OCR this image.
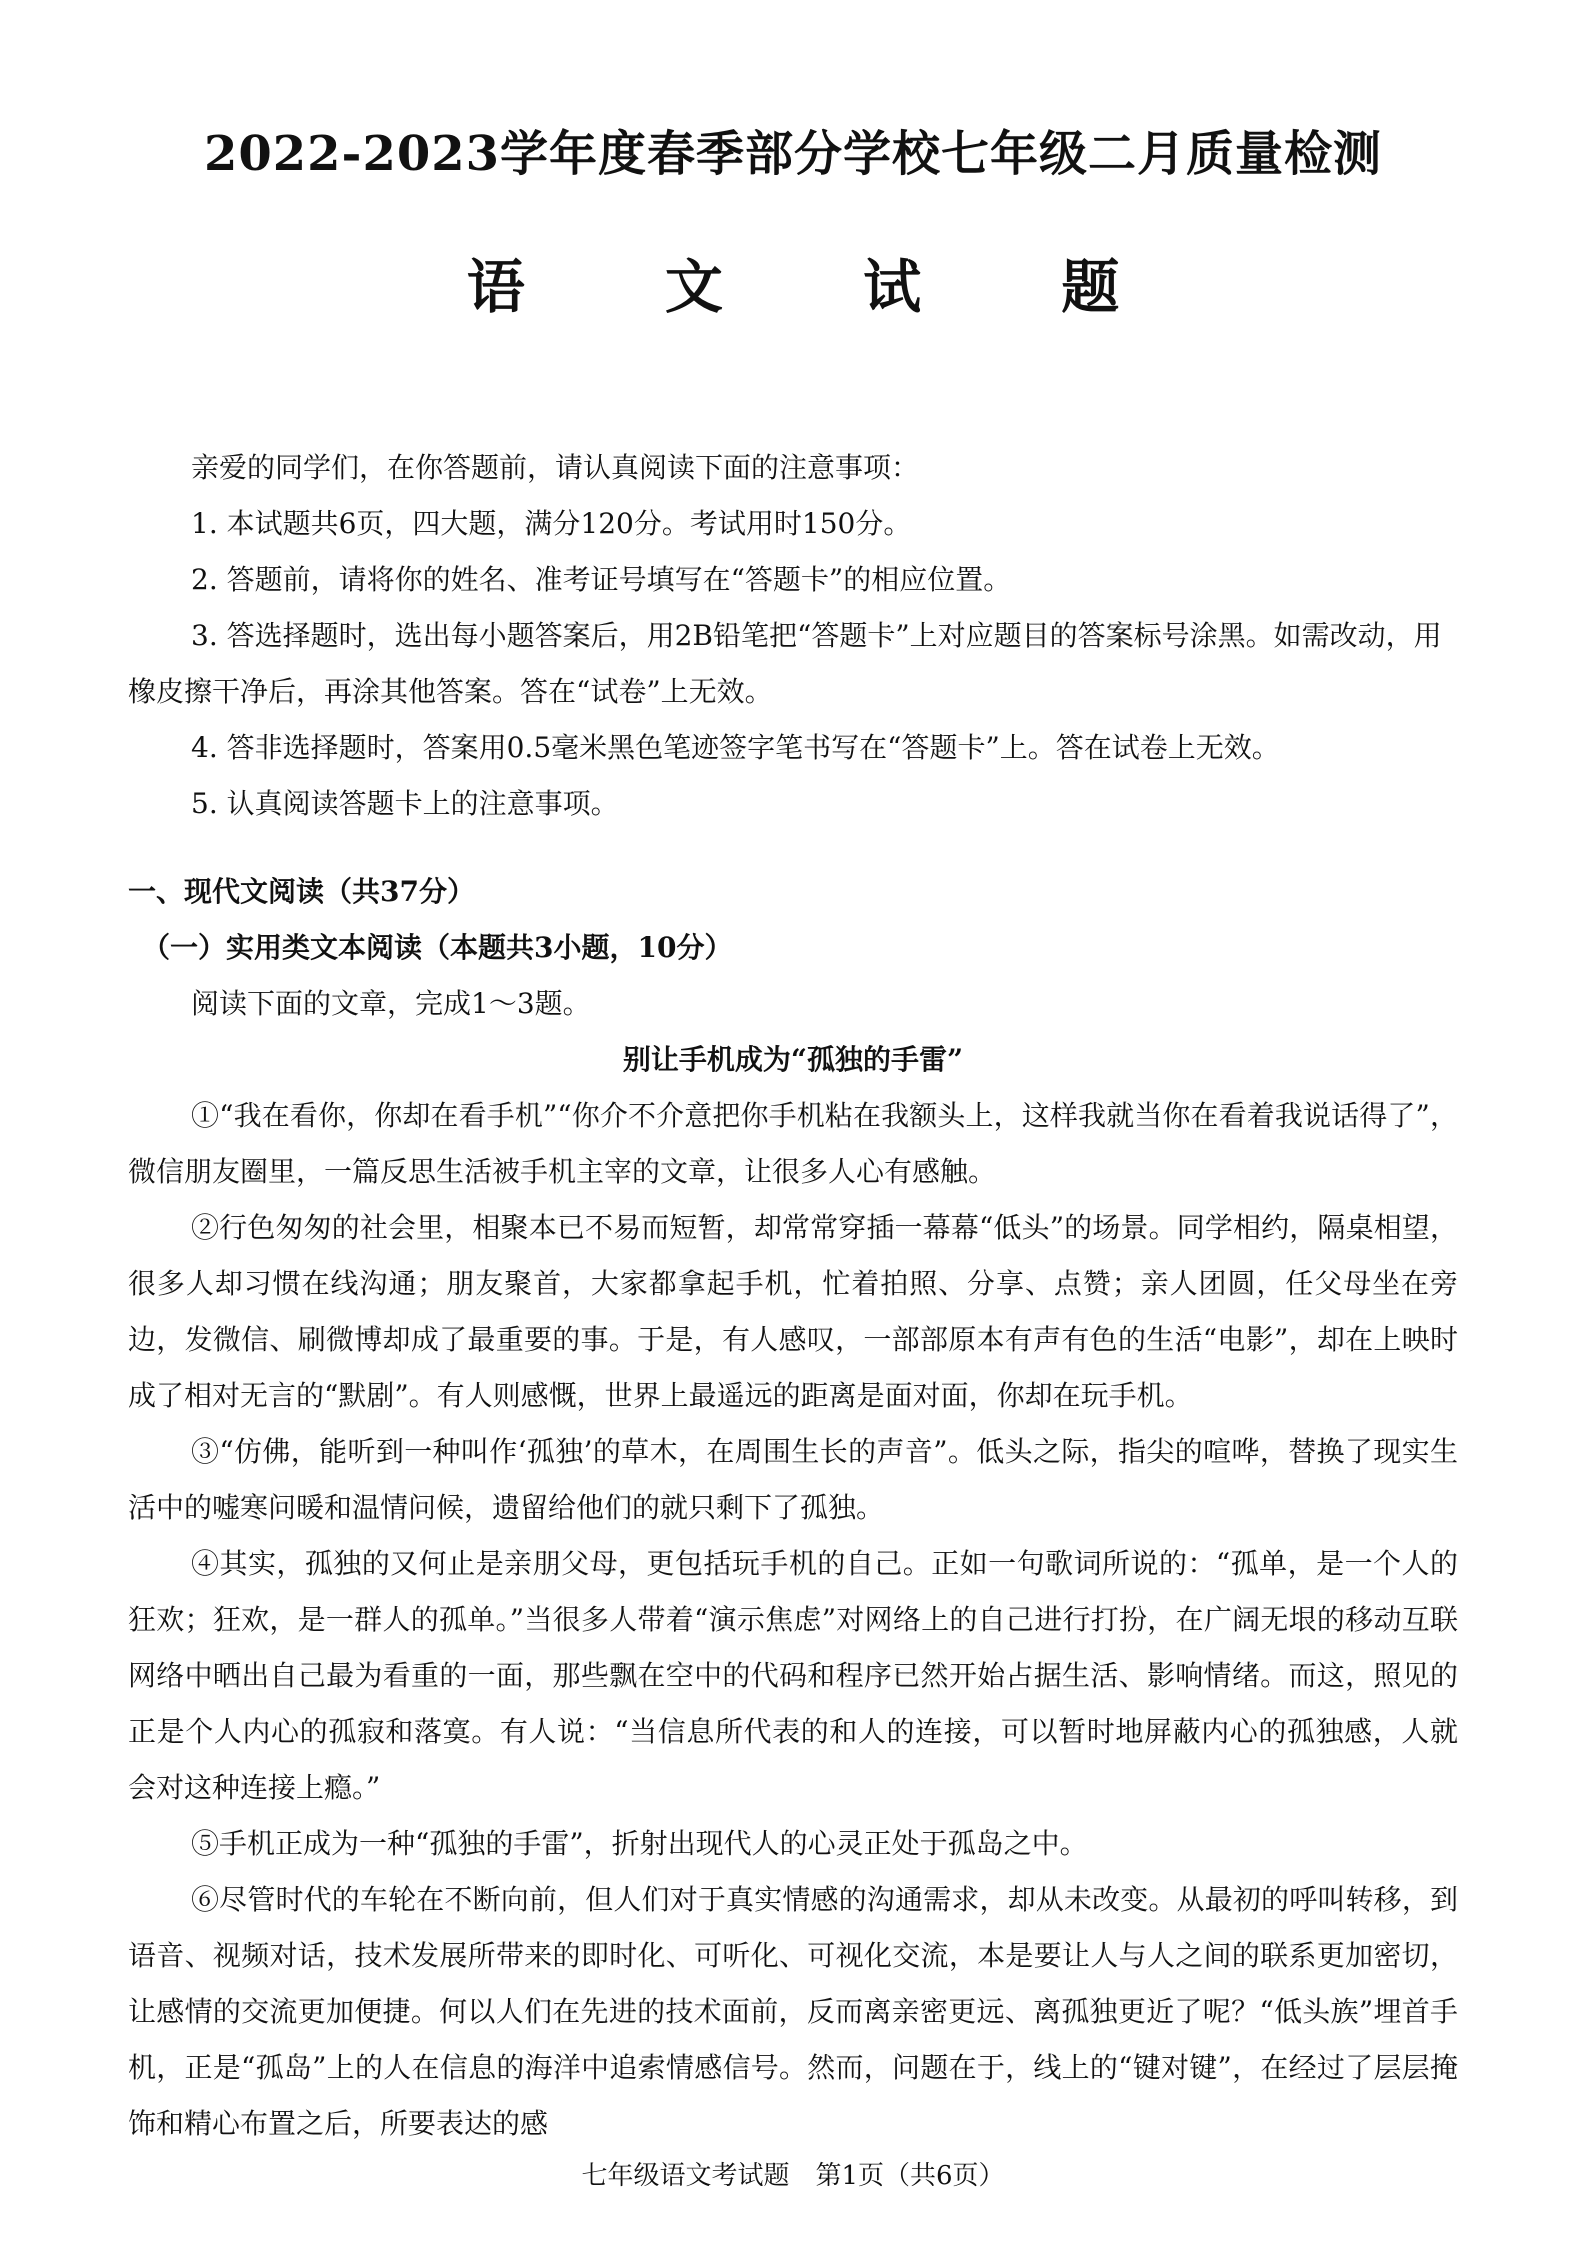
2022-2023学年度春季部分学校七年级二月质量检测
语 文 试 题

亲爱的同学们，在你答题前，请认真阅读下面的注意事项：

1. 本试题共6页，四大题，满分120分。考试用时150分。

2. 答题前，请将你的姓名、准考证号填写在“答题卡”的相应位置。

3. 答选择题时，选出每小题答案后，用2B铅笔把“答题卡”上对应题目的答案标号涂黑。如需改动，用橡皮擦干净后，再涂其他答案。答在“试卷”上无效。

4. 答非选择题时，答案用0.5毫米黑色笔迹签字笔书写在“答题卡”上。答在试卷上无效。

5. 认真阅读答题卡上的注意事项。

一、现代文阅读（共37分）

（一）实用类文本阅读（本题共3小题，10分）

阅读下面的文章，完成1～3题。

别让手机成为“孤独的手雷”

①“我在看你，你却在看手机”“你介不介意把你手机粘在我额头上，这样我就当你在看着我说话得了”，微信朋友圈里，一篇反思生活被手机主宰的文章，让很多人心有感触。

②行色匆匆的社会里，相聚本已不易而短暂，却常常穿插一幕幕“低头”的场景。同学相约，隔桌相望，很多人却习惯在线沟通；朋友聚首，大家都拿起手机，忙着拍照、分享、点赞；亲人团圆，任父母坐在旁边，发微信、刷微博却成了最重要的事。于是，有人感叹，一部部原本有声有色的生活“电影”，却在上映时成了相对无言的“默剧”。有人则感慨，世界上最遥远的距离是面对面，你却在玩手机。

③“仿佛，能听到一种叫作‘孤独’的草木，在周围生长的声音”。低头之际，指尖的喧哗，替换了现实生活中的嘘寒问暖和温情问候，遗留给他们的就只剩下了孤独。

④其实，孤独的又何止是亲朋父母，更包括玩手机的自己。正如一句歌词所说的：“孤单，是一个人的狂欢；狂欢，是一群人的孤单。”当很多人带着“演示焦虑”对网络上的自己进行打扮，在广阔无垠的移动互联网络中晒出自己最为看重的一面，那些飘在空中的代码和程序已然开始占据生活、影响情绪。而这，照见的正是个人内心的孤寂和落寞。有人说：“当信息所代表的和人的连接，可以暂时地屏蔽内心的孤独感，人就会对这种连接上瘾。”

⑤手机正成为一种“孤独的手雷”，折射出现代人的心灵正处于孤岛之中。

⑥尽管时代的车轮在不断向前，但人们对于真实情感的沟通需求，却从未改变。从最初的呼叫转移，到语音、视频对话，技术发展所带来的即时化、可听化、可视化交流，本是要让人与人之间的联系更加密切，让感情的交流更加便捷。何以人们在先进的技术面前，反而离亲密更远、离孤独更近了呢？“低头族”埋首手机，正是“孤岛”上的人在信息的海洋中追索情感信号。然而，问题在于，线上的“键对键”，在经过了层层掩饰和精心布置之后，所要表达的感

七年级语文考试题　第1页（共6页）
